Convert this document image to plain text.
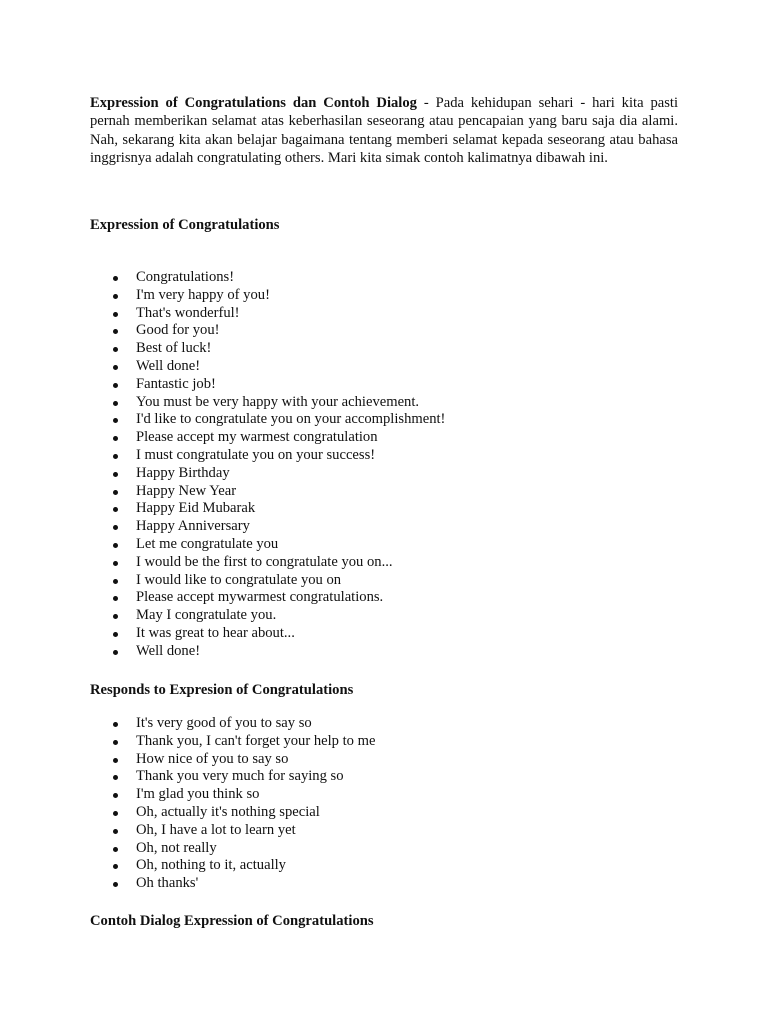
Expression of Congratulations dan Contoh Dialog - Pada kehidupan sehari - hari kita pasti pernah memberikan selamat atas keberhasilan seseorang atau pencapaian yang baru saja dia alami. Nah, sekarang kita akan belajar bagaimana tentang memberi selamat kepada seseorang atau bahasa inggrisnya adalah congratulating others. Mari kita simak contoh kalimatnya dibawah ini.

Expression of Congratulations
Congratulations!
I'm very happy of you!
That's wonderful!
Good for you!
Best of luck!
Well done!
Fantastic job!
You must be very happy with your achievement.
I'd like to congratulate you on your accomplishment!
Please accept my warmest congratulation
I must congratulate you on your success!
Happy Birthday
Happy New Year
Happy Eid Mubarak
Happy Anniversary
Let me congratulate you
I would be the first to congratulate you on...
I would like to congratulate you on
Please accept mywarmest congratulations.
May I congratulate you.
It was great to hear about...
Well done!
Responds to Expresion of Congratulations
It's very good of you to say so
Thank you, I can't forget your help to me
How nice of you to say so
Thank you very much for saying so
I'm glad you think so
Oh, actually it's nothing special
Oh, I have a lot to learn yet
Oh, not really
Oh, nothing to it, actually
Oh thanks'
Contoh Dialog Expression of Congratulations
